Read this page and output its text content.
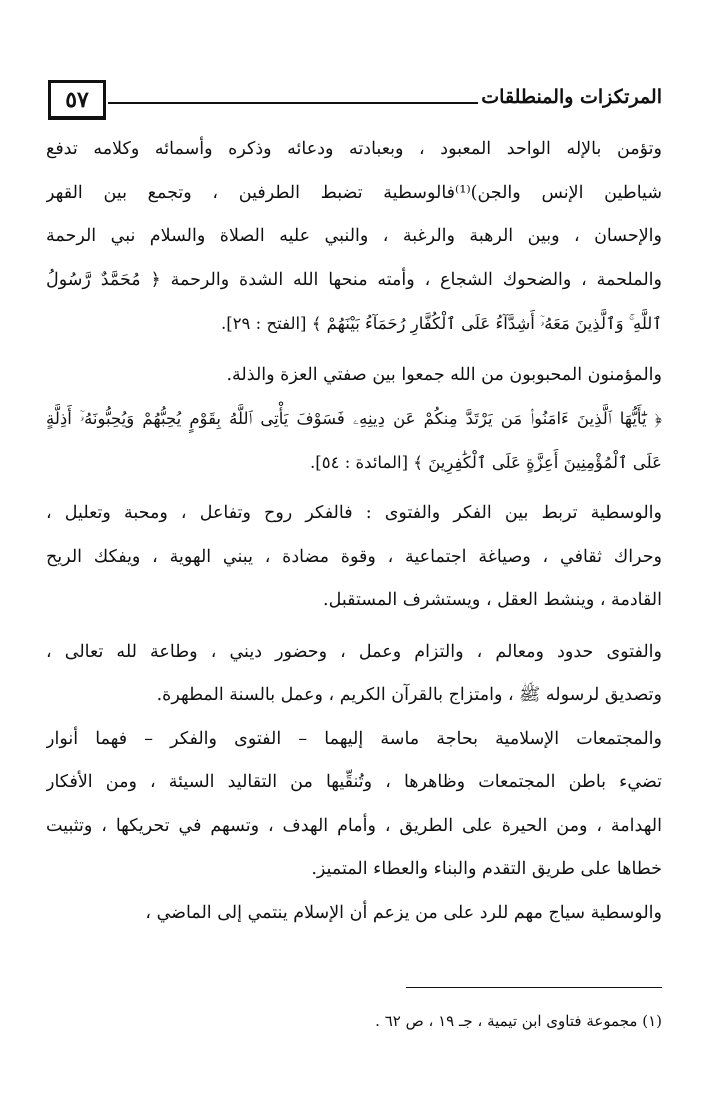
٥٧	المرتكزات والمنطلقات
وتؤمن بالإله الواحد المعبود ، وبعبادته ودعائه وذكره وأسمائه وكلامه تدفع
شياطين الإنس والجن)⁽¹⁾فالوسطية تضبط الطرفين ، وتجمع بين القهر
والإحسان ، وبين الرهبة والرغبة ، والنبي عليه الصلاة والسلام نبي الرحمة
والملحمة ، والضحوك الشجاع ، وأمته منحها الله الشدة والرحمة ﴿ مُحَمَّدٌ رَّسُولُ
ٱللَّهِ ۚ وَٱلَّذِينَ مَعَهُۥٓ أَشِدَّآءُ عَلَى ٱلْكُفَّارِ رُحَمَآءُ بَيْنَهُمْ ﴾ [الفتح : ٢٩].
والمؤمنون المحبوبون من الله جمعوا بين صفتي العزة والذلة.
﴿ يَٰٓأَيُّهَا ٱلَّذِينَ ءَامَنُوا۟ مَن يَرْتَدَّ مِنكُمْ عَن دِينِهِۦ فَسَوْفَ يَأْتِى ٱللَّهُ بِقَوْمٍ يُحِبُّهُمْ وَيُحِبُّونَهُۥٓ أَذِلَّةٍ
عَلَى ٱلْمُؤْمِنِينَ أَعِزَّةٍ عَلَى ٱلْكَٰفِرِينَ ﴾ [المائدة : ٥٤].
والوسطية تربط بين الفكر والفتوى : فالفكر روح وتفاعل ، ومحبة وتعليل ،
وحراك ثقافي ، وصياغة اجتماعية ، وقوة مضادة ، يبني الهوية ، ويفكك الريح
القادمة ، وينشط العقل ، ويستشرف المستقبل.
والفتوى حدود ومعالم ، والتزام وعمل ، وحضور ديني ، وطاعة لله تعالى ،
وتصديق لرسوله ﷺ ، وامتزاج بالقرآن الكريم ، وعمل بالسنة المطهرة.
والمجتمعات الإسلامية بحاجة ماسة إليهما – الفتوى والفكر – فهما أنوار
تضيء باطن المجتمعات وظاهرها ، وتُنقِّيها من التقاليد السيئة ، ومن الأفكار
الهدامة ، ومن الحيرة على الطريق ، وأمام الهدف ، وتسهم في تحريكها ، وتثبيت
خطاها على طريق التقدم والبناء والعطاء المتميز.
والوسطية سياج مهم للرد على من يزعم أن الإسلام ينتمي إلى الماضي ،
(١) مجموعة فتاوى ابن تيمية ، جـ ١٩ ، ص ٦٢ .
